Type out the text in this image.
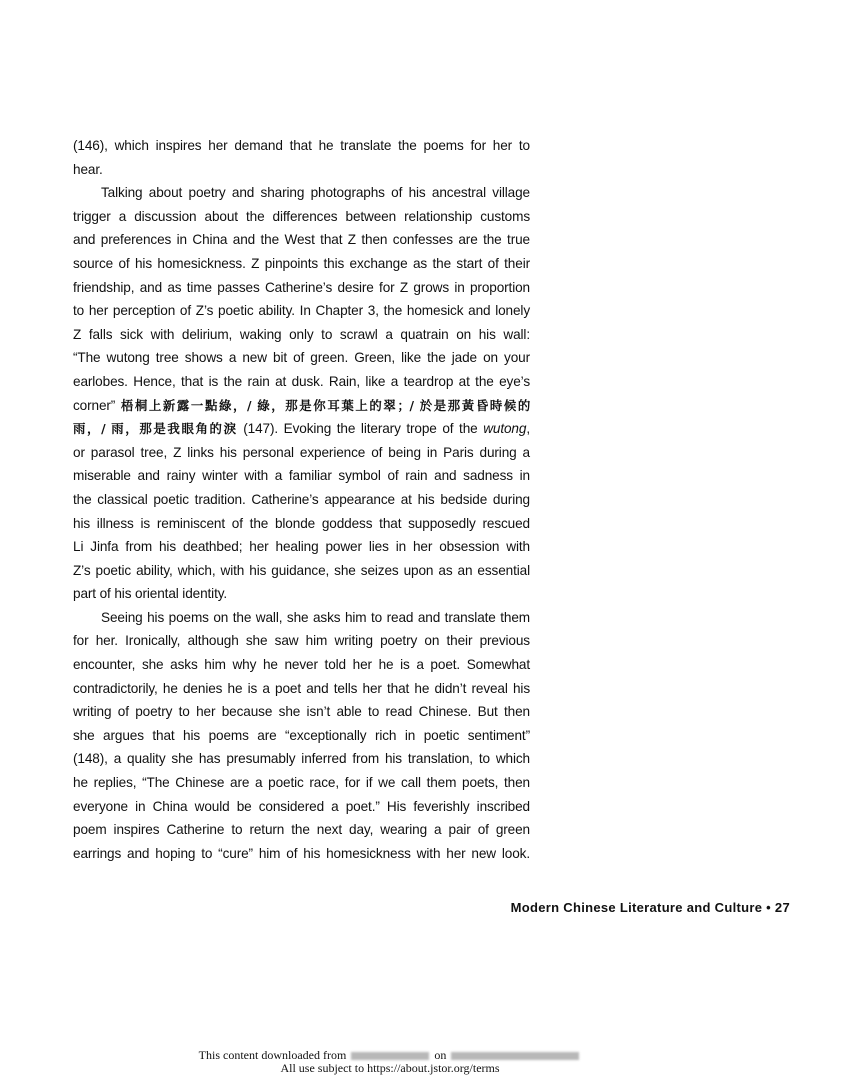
(146), which inspires her demand that he translate the poems for her to
hear.
Talking about poetry and sharing photographs of his ancestral village
trigger a discussion about the differences between relationship customs
and preferences in China and the West that Z then confesses are the true
source of his homesickness. Z pinpoints this exchange as the start of their
friendship, and as time passes Catherine’s desire for Z grows in proportion
to her perception of Z’s poetic ability. In Chapter 3, the homesick and lonely
Z falls sick with delirium, waking only to scrawl a quatrain on his wall:
“The wutong tree shows a new bit of green. Green, like the jade on your
earlobes. Hence, that is the rain at dusk. Rain, like a teardrop at the eye’s
corner” 梧桐上新露一點綠，/ 綠，那是你耳葉上的翠；/ 於是那黃昏時候的
雨，/ 雨，那是我眼角的淚 (147). Evoking the literary trope of the wutong,
or parasol tree, Z links his personal experience of being in Paris during a
miserable and rainy winter with a familiar symbol of rain and sadness in
the classical poetic tradition. Catherine’s appearance at his bedside during
his illness is reminiscent of the blonde goddess that supposedly rescued
Li Jinfa from his deathbed; her healing power lies in her obsession with
Z’s poetic ability, which, with his guidance, she seizes upon as an essential
part of his oriental identity.
Seeing his poems on the wall, she asks him to read and translate them
for her. Ironically, although she saw him writing poetry on their previous
encounter, she asks him why he never told her he is a poet. Somewhat
contradictorily, he denies he is a poet and tells her that he didn’t reveal his
writing of poetry to her because she isn’t able to read Chinese. But then
she argues that his poems are “exceptionally rich in poetic sentiment”
(148), a quality she has presumably inferred from his translation, to which
he replies, “The Chinese are a poetic race, for if we call them poets, then
everyone in China would be considered a poet.” His feverishly inscribed
poem inspires Catherine to return the next day, wearing a pair of green
earrings and hoping to “cure” him of his homesickness with her new look.
Modern Chinese Literature and Culture • 27
This content downloaded from	on
All use subject to https://about.jstor.org/terms
